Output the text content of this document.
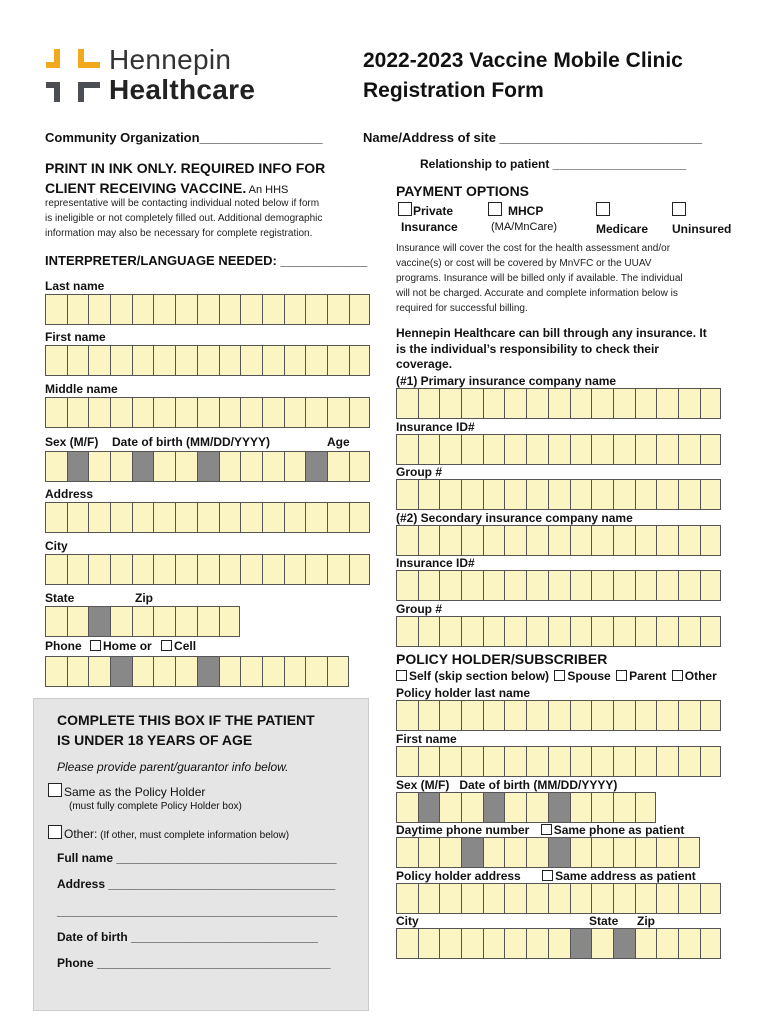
Hennepin
Healthcare
2022-2023 Vaccine Mobile Clinic
Registration Form
Community Organization_________________	Name/Address of site ____________________________
Relationship to patient ____________________
PRINT IN INK ONLY. REQUIRED INFO FOR
CLIENT RECEIVING VACCINE. An HHS
representative will be contacting individual noted below if form
is ineligible or not completely filled out. Additional demographic
information may also be necessary for complete registration.
INTERPRETER/LANGUAGE NEEDED: ____________
Last name
First name
Middle name
Sex (M/F) Date of birth (MM/DD/YYYY)	Age
Address
City
State	Zip
Phone Home or Cell
COMPLETE THIS BOX IF THE PATIENT
IS UNDER 18 YEARS OF AGE
Please provide parent/guarantor info below.
Same as the Policy Holder
(must fully complete Policy Holder box)
Other: (If other, must complete information below)
Full name _________________________________
Address __________________________________
__________________________________________
Date of birth ____________________________
Phone ___________________________________
PAYMENT OPTIONS
Private
Insurance
MHCP
(MA/MnCare)	Medicare Uninsured
Insurance will cover the cost for the health assessment and/or
vaccine(s) or cost will be covered by MnVFC or the UUAV
programs. Insurance will be billed only if available. The individual
will not be charged. Accurate and complete information below is
required for successful billing.
Hennepin Healthcare can bill through any insurance. It
is the individual’s responsibility to check their
coverage.
(#1) Primary insurance company name
Insurance ID#
Group #
(#2) Secondary insurance company name
Insurance ID#
Group #
POLICY HOLDER/SUBSCRIBER
Self (skip section below) Spouse Parent Other
Policy holder last name
First name
Sex (M/F)   Date of birth (MM/DD/YYYY)
Daytime phone number Same phone as patient
Policy holder address	Same address as patient
City	State Zip
